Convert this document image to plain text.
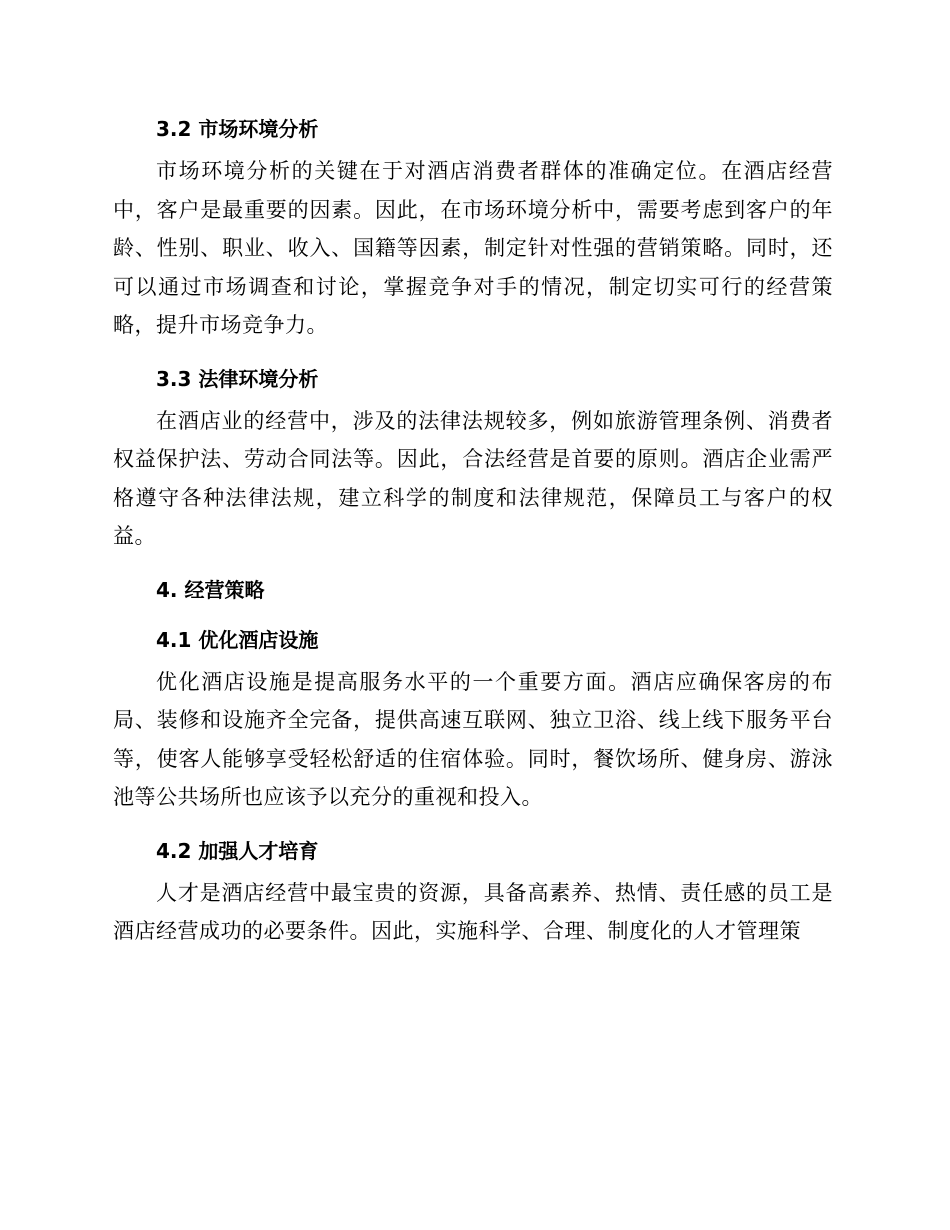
3.2 市场环境分析

市场环境分析的关键在于对酒店消费者群体的准确定位。在酒店经营中，客户是最重要的因素。因此，在市场环境分析中，需要考虑到客户的年龄、性别、职业、收入、国籍等因素，制定针对性强的营销策略。同时，还可以通过市场调查和讨论，掌握竞争对手的情况，制定切实可行的经营策略，提升市场竞争力。

3.3 法律环境分析

在酒店业的经营中，涉及的法律法规较多，例如旅游管理条例、消费者权益保护法、劳动合同法等。因此，合法经营是首要的原则。酒店企业需严格遵守各种法律法规，建立科学的制度和法律规范，保障员工与客户的权益。

4. 经营策略
4.1 优化酒店设施

优化酒店设施是提高服务水平的一个重要方面。酒店应确保客房的布局、装修和设施齐全完备，提供高速互联网、独立卫浴、线上线下服务平台等，使客人能够享受轻松舒适的住宿体验。同时，餐饮场所、健身房、游泳池等公共场所也应该予以充分的重视和投入。

4.2 加强人才培育

人才是酒店经营中最宝贵的资源，具备高素养、热情、责任感的员工是酒店经营成功的必要条件。因此，实施科学、合理、制度化的人才管理策
